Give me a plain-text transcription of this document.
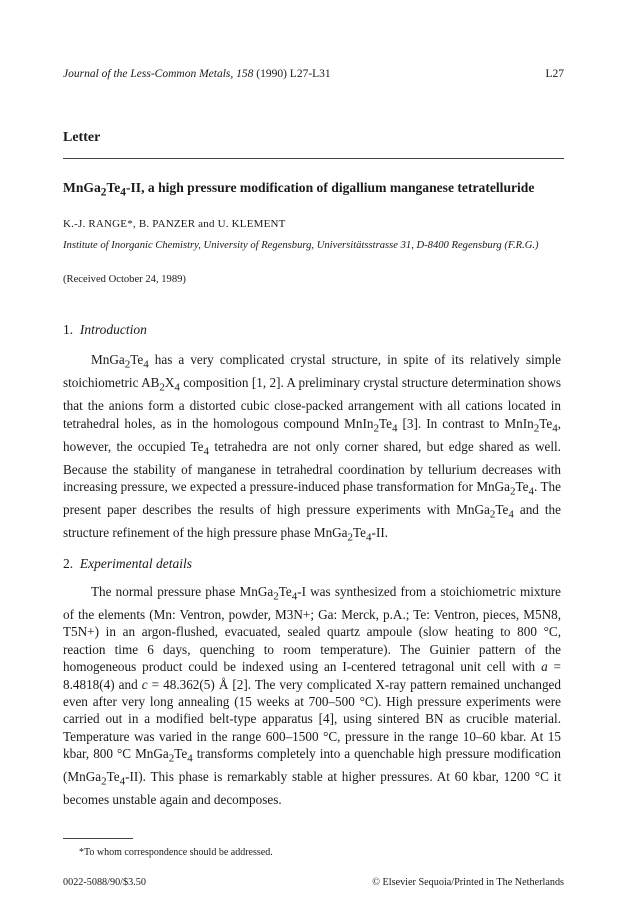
Journal of the Less-Common Metals, 158 (1990) L27-L31	L27
Letter
$MnGa_2Te_4-II$, a high pressure modification of digallium manganese tetratelluride
K.-J. RANGE*, B. PANZER and U. KLEMENT
Institute of Inorganic Chemistry, University of Regensburg, Universitätsstrasse 31, D-8400 Regensburg (F.R.G.)
(Received October 24, 1989)
1. Introduction

$MnGa_2Te_4$ has a very complicated crystal structure, in spite of its relatively simple stoichiometric $AB_2X_4$ composition [1, 2]. A preliminary crystal structure determination shows that the anions form a distorted cubic close-packed arrangement with all cations located in tetrahedral holes, as in the homologous compound $MnIn_2Te_4$ [3]. In contrast to $MnIn_2Te_4$, however, the occupied $Te_4$ tetrahedra are not only corner shared, but edge shared as well. Because the stability of manganese in tetrahedral coordination by tellurium decreases with increasing pressure, we expected a pressure-induced phase transformation for $MnGa_2Te_4$. The present paper describes the results of high pressure experiments with $MnGa_2Te_4$ and the structure refinement of the high pressure phase $MnGa_2Te_4-II$.

2. Experimental details

The normal pressure phase $MnGa_2Te_4-I$ was synthesized from a stoichiometric mixture of the elements (Mn: Ventron, powder, M3N+; Ga: Merck, p.A.; Te: Ventron, pieces, M5N8, T5N+) in an argon-flushed, evacuated, sealed quartz ampoule (slow heating to 800 °C, reaction time 6 days, quenching to room temperature). The Guinier pattern of the homogeneous product could be indexed using an I-centered tetragonal unit cell with a = 8.4818(4) and c = 48.362(5) Å [2]. The very complicated X-ray pattern remained unchanged even after very long annealing (15 weeks at 700–500 °C). High pressure experiments were carried out in a modified belt-type apparatus [4], using sintered BN as crucible material. Temperature was varied in the range 600–1500 °C, pressure in the range 10–60 kbar. At 15 kbar, 800 °C $MnGa_2Te_4$ transforms completely into a quenchable high pressure modification $(MnGa_2Te_4-II)$. This phase is remarkably stable at higher pressures. At 60 kbar, 1200 °C it becomes unstable again and decomposes.

*To whom correspondence should be addressed.
0022-5088/90/$3.50	© Elsevier Sequoia/Printed in The Netherlands
